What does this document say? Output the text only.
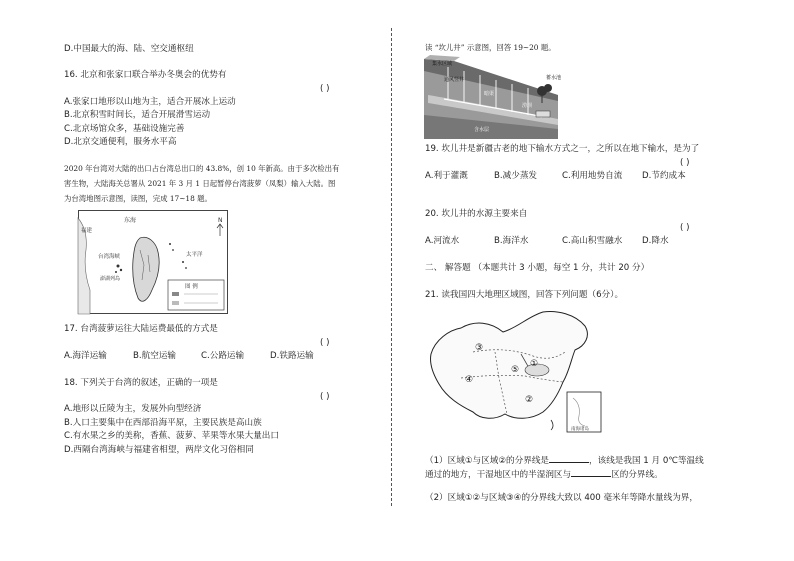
D.中国最大的海、陆、空交通枢纽
16. 北京和张家口联合举办冬奥会的优势有
( )
A.张家口地形以山地为主，适合开展冰上运动
B.北京积雪时间长，适合开展滑雪运动
C.北京场馆众多，基础设施完善
D.北京交通便利，服务水平高
2020 年台湾对大陆的出口占台湾总出口的 43.8%，创 10 年新高。由于多次检出有
害生物，大陆海关总署从 2021 年 3 月 1 日起暂停台湾菠萝（凤梨）输入大陆。图
为台湾地图示意图，读图，完成 17~18 题。
东海
福建
台湾海峡	太平洋
澎湖列岛
图 例
N
17. 台湾菠萝运往大陆运费最低的方式是
( )
A.海洋运输	B.航空运输	C.公路运输	D.铁路运输
18. 下列关于台湾的叙述，正确的一项是
( )
A.地形以丘陵为主，发展外向型经济
B.人口主要集中在西部沿海平原，主要民族是高山族
C.有水果之乡的美称，香蕉、菠萝、苹果等水果大量出口
D.西隔台湾海峡与福建省相望，两岸文化习俗相同
读 “坎儿井” 示意图，回答 19~20 题。
集水区域
通风竖井
暗渠
涝坝
蓄水池
含水层
19. 坎儿井是新疆古老的地下输水方式之一，之所以在地下输水，是为了
( )
A.利于灌溉	B.减少蒸发	C.利用地势自流 D.节约成本
20. 坎儿井的水源主要来自
( )
A.河流水	B.海洋水	C.高山积雪融水 D.降水
二、 解答题 （本题共计 3 小题，每空 1 分，共计 20 分）
21. 读我国四大地理区域图，回答下列问题（6分）。
南海诸岛
①
②
③
④
⑤
（1）区域①与区域②的分界线是	，该线是我国 1 月 0℃等温线
通过的地方，干湿地区中的半湿润区与	区的分界线。
（2）区域①②与区域③④的分界线大致以 400 毫米年等降水量线为界，
